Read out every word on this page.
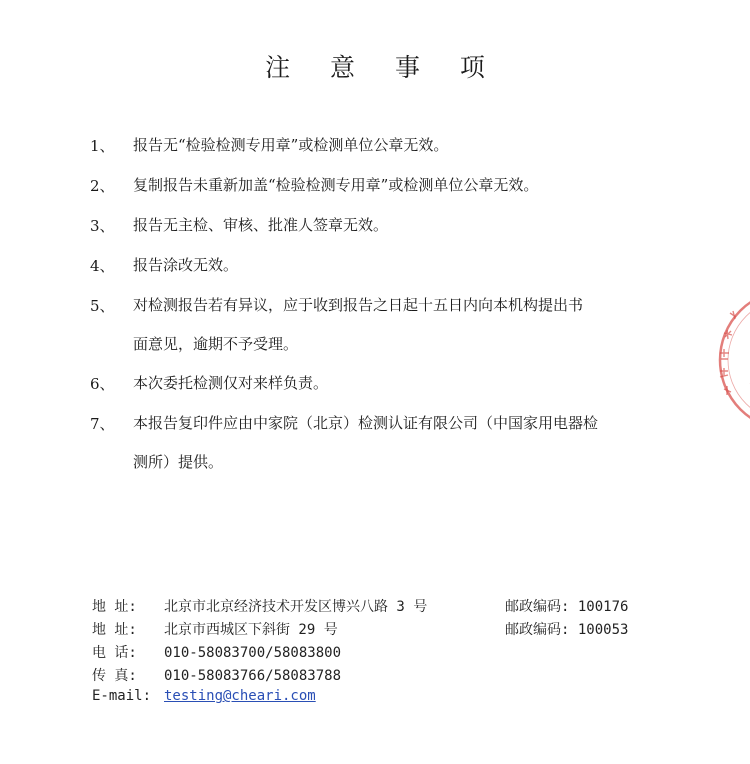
注 意 事 项
1、 报告无“检验检测专用章”或检测单位公章无效。
2、 复制报告未重新加盖“检验检测专用章”或检测单位公章无效。
3、 报告无主检、审核、批准人签章无效。
4、 报告涂改无效。
5、 对检测报告若有异议，应于收到报告之日起十五日内向本机构提出书
面意见，逾期不予受理。
6、 本次委托检测仅对来样负责。
7、 本报告复印件应由中家院（北京）检测认证有限公司（中国家用电器检
测所）提供。
地 址: 北京市北京经济技术开发区博兴八路 3 号	邮政编码: 100176
地 址: 北京市西城区下斜街 29 号	邮政编码: 100053
电 话: 010-58083700/58083800
传 真: 010-58083766/58083788
E-mail: testing@cheari.com
